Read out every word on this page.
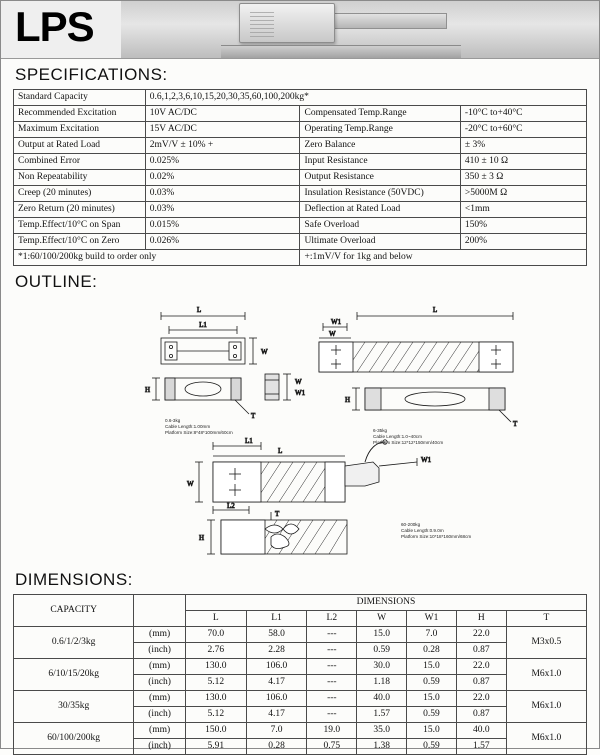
LPS
SPECIFICATIONS:
Standard Capacity	0.6,1,2,3,6,10,15,20,30,35,60,100,200kg*		
Recommended Excitation	10V AC/DC	Compensated Temp.Range	-10°C to+40°C
Maximum Excitation	15V AC/DC	Operating Temp.Range	-20°C to+60°C
Output at Rated Load	2mV/V ± 10% +	Zero Balance	± 3%
Combined Error	0.025%	Input Resistance	410 ± 10 Ω
Non Repeatability	0.02%	Output Resistance	350 ± 3 Ω
Creep (20 minutes)	0.03%	Insulation Resistance (50VDC)	>5000M Ω
Zero Return (20 minutes)	0.03%	Deflection at Rated Load	<1mm
Temp.Effect/10°C on Span	0.015%	Safe Overload	150%
Temp.Effect/10°C on Zero	0.026%	Ultimate Overload	200%
*1:60/100/200kg build to order only		+:1mV/V for 1kg and below	
OUTLINE:
L
L1
W
H
T
W
W1
L
W1
W
H
T
L1
L
W1
W
L2
H
T
0.6-3kg
Cable Length:1.00mm
Platform Size:8*48*100mm/60cm	6-35kg
Cable Length:1.0~40cm
Platform Size:12*12*150mm/40cm
60-200kg
Cable Length:0.9.0m
Platform Size:10*18*160mm/68cm
DIMENSIONS:
CAPACITY		DIMENSIONS						
		L	L1	L2	W	W1	H	T
0.6/1/2/3kg	(mm)	70.0	58.0	---	15.0	7.0	22.0	M3x0.5
	(inch)	2.76	2.28	---	0.59	0.28	0.87	
6/10/15/20kg	(mm)	130.0	106.0	---	30.0	15.0	22.0	M6x1.0
	(inch)	5.12	4.17	---	1.18	0.59	0.87	
30/35kg	(mm)	130.0	106.0	---	40.0	15.0	22.0	M6x1.0
	(inch)	5.12	4.17	---	1.57	0.59	0.87	
60/100/200kg	(mm)	150.0	7.0	19.0	35.0	15.0	40.0	M6x1.0
	(inch)	5.91	0.28	0.75	1.38	0.59	1.57	
